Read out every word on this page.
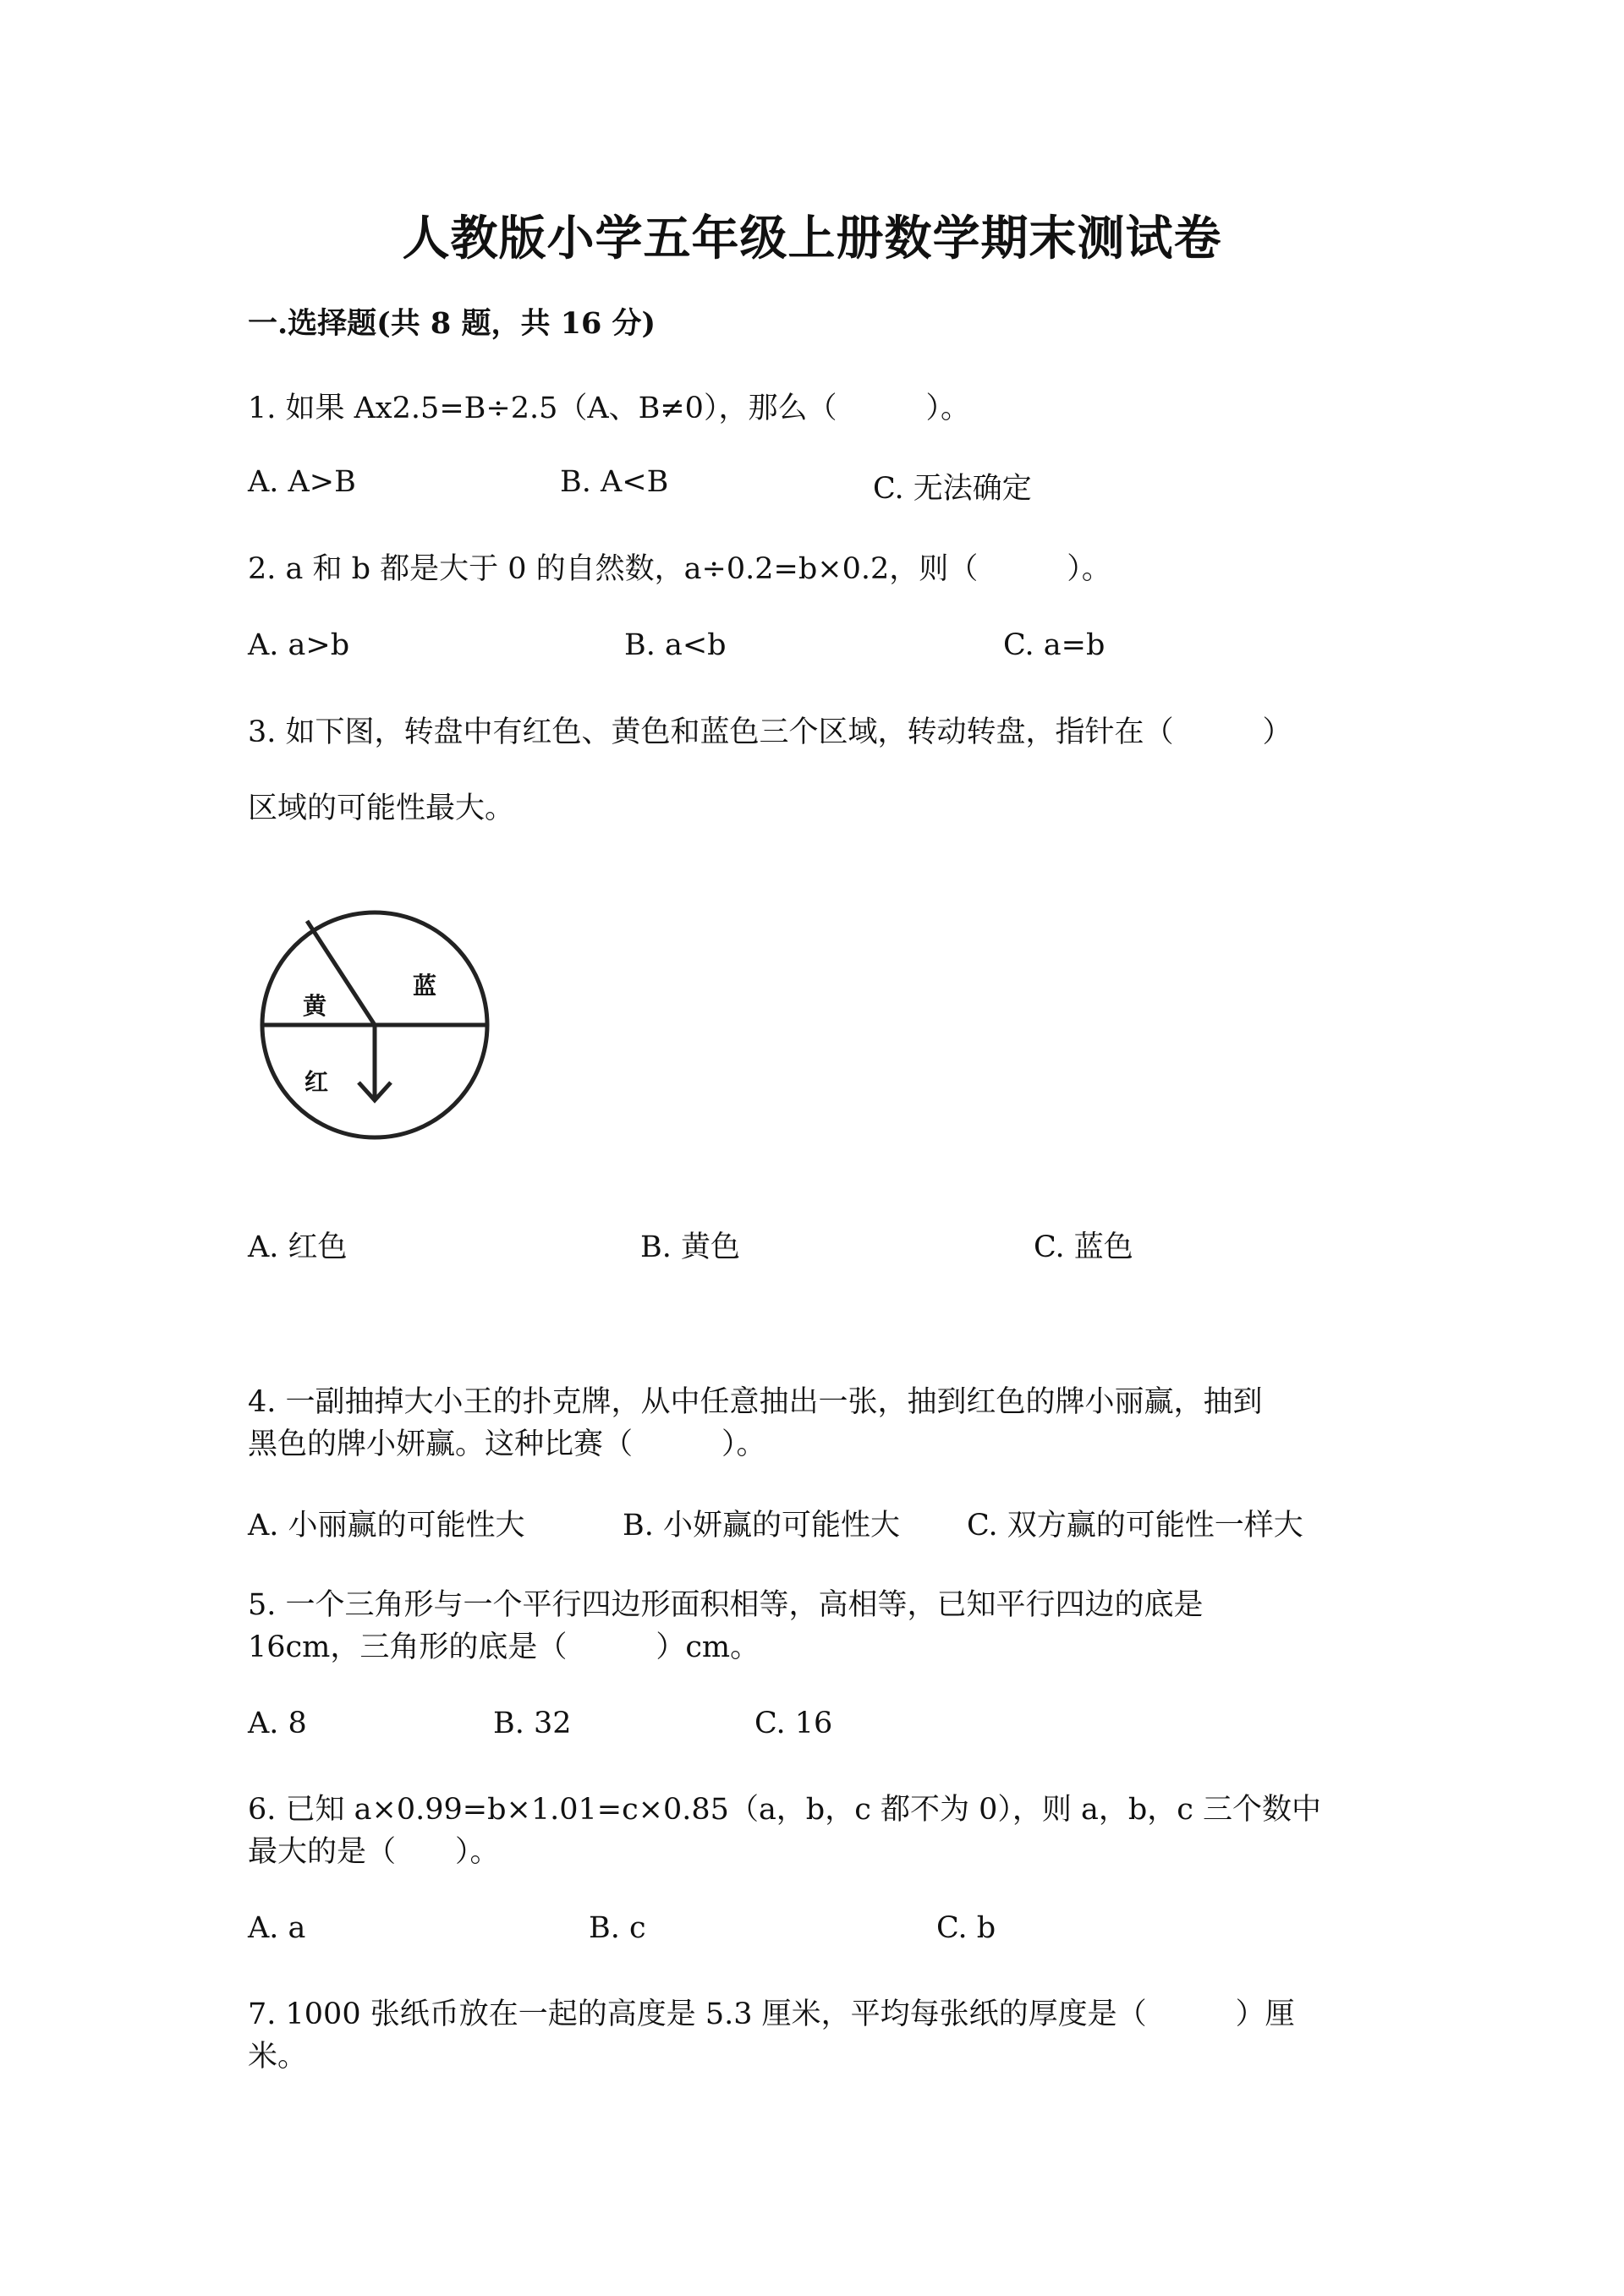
人教版小学五年级上册数学期末测试卷
一.选择题(共 8 题，共 16 分)
1. 如果 Ax2.5=B÷2.5（A、B≠0），那么（　　　）。
A. A>B	B. A<B	C. 无法确定
2. a 和 b 都是大于 0 的自然数，a÷0.2=b×0.2，则（　　　）。
A. a>b	B. a<b	C. a=b
3. 如下图，转盘中有红色、黄色和蓝色三个区域，转动转盘，指针在（　　　）
区域的可能性最大。
黄
蓝
红
A. 红色	B. 黄色	C. 蓝色
4. 一副抽掉大小王的扑克牌，从中任意抽出一张，抽到红色的牌小丽赢，抽到
黑色的牌小妍赢。这种比赛（　　　）。
A. 小丽赢的可能性大	B. 小妍赢的可能性大 C. 双方赢的可能性一样大
5. 一个三角形与一个平行四边形面积相等，高相等，已知平行四边的底是
16cm，三角形的底是（　　　）cm。
A. 8	B. 32	C. 16
6. 已知 a×0.99=b×1.01=c×0.85（a，b，c 都不为 0），则 a，b，c 三个数中
最大的是（　　）。
A. a	B. c	C. b
7. 1000 张纸币放在一起的高度是 5.3 厘米，平均每张纸的厚度是（　　　）厘
米。
